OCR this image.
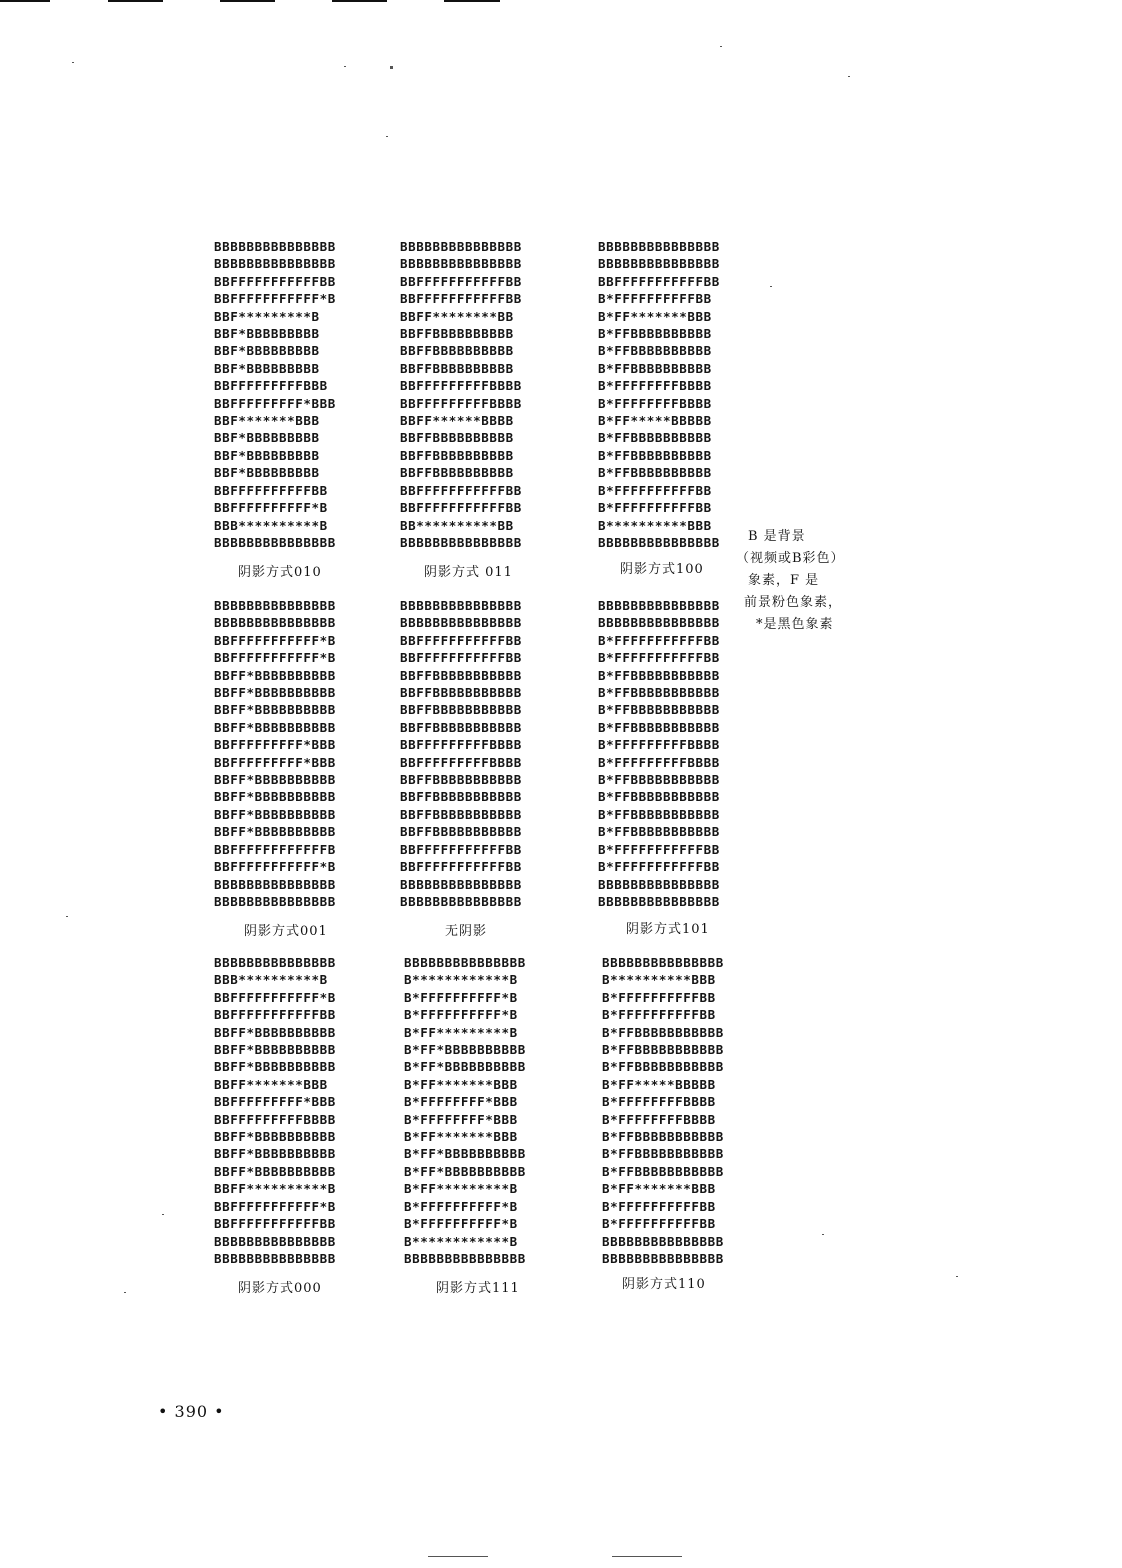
BBBBBBBBBBBBBBB
BBBBBBBBBBBBBBB
BBFFFFFFFFFFFBB
BBFFFFFFFFFFF*B
BBF*********B
BBF*BBBBBBBBB
BBF*BBBBBBBBB
BBF*BBBBBBBBB
BBFFFFFFFFFBBB
BBFFFFFFFFF*BBB
BBF*******BBB
BBF*BBBBBBBBB
BBF*BBBBBBBBB
BBF*BBBBBBBBB
BBFFFFFFFFFFBB
BBFFFFFFFFFF*B
BBB**********B
BBBBBBBBBBBBBBB
阴影方式010
BBBBBBBBBBBBBBB
BBBBBBBBBBBBBBB
BBFFFFFFFFFFFBB
BBFFFFFFFFFFFBB
BBFF********BB
BBFFBBBBBBBBBB
BBFFBBBBBBBBBB
BBFFBBBBBBBBBB
BBFFFFFFFFFBBBB
BBFFFFFFFFFBBBB
BBFF******BBBB
BBFFBBBBBBBBBB
BBFFBBBBBBBBBB
BBFFBBBBBBBBBB
BBFFFFFFFFFFFBB
BBFFFFFFFFFFFBB
BB**********BB
BBBBBBBBBBBBBBB
阴影方式 011
BBBBBBBBBBBBBBB
BBBBBBBBBBBBBBB
BBFFFFFFFFFFFBB
B*FFFFFFFFFFBB
B*FF*******BBB
B*FFBBBBBBBBBB
B*FFBBBBBBBBBB
B*FFBBBBBBBBBB
B*FFFFFFFFBBBB
B*FFFFFFFFBBBB
B*FF*****BBBBB
B*FFBBBBBBBBBB
B*FFBBBBBBBBBB
B*FFBBBBBBBBBB
B*FFFFFFFFFFBB
B*FFFFFFFFFFBB
B**********BBB
BBBBBBBBBBBBBBB
阴影方式100
B 是背景
（视频或B彩色）
象素，F 是
前景粉色象素，
*是黑色象素
BBBBBBBBBBBBBBB
BBBBBBBBBBBBBBB
BBFFFFFFFFFFF*B
BBFFFFFFFFFFF*B
BBFF*BBBBBBBBBB
BBFF*BBBBBBBBBB
BBFF*BBBBBBBBBB
BBFF*BBBBBBBBBB
BBFFFFFFFFF*BBB
BBFFFFFFFFF*BBB
BBFF*BBBBBBBBBB
BBFF*BBBBBBBBBB
BBFF*BBBBBBBBBB
BBFF*BBBBBBBBBB
BBFFFFFFFFFFFFB
BBFFFFFFFFFFF*B
BBBBBBBBBBBBBBB
BBBBBBBBBBBBBBB
阴影方式001
BBBBBBBBBBBBBBB
BBBBBBBBBBBBBBB
BBFFFFFFFFFFFBB
BBFFFFFFFFFFFBB
BBFFBBBBBBBBBBB
BBFFBBBBBBBBBBB
BBFFBBBBBBBBBBB
BBFFBBBBBBBBBBB
BBFFFFFFFFFBBBB
BBFFFFFFFFFBBBB
BBFFBBBBBBBBBBB
BBFFBBBBBBBBBBB
BBFFBBBBBBBBBBB
BBFFBBBBBBBBBBB
BBFFFFFFFFFFFBB
BBFFFFFFFFFFFBB
BBBBBBBBBBBBBBB
BBBBBBBBBBBBBBB
无阴影
BBBBBBBBBBBBBBB
BBBBBBBBBBBBBBB
B*FFFFFFFFFFFBB
B*FFFFFFFFFFFBB
B*FFBBBBBBBBBBB
B*FFBBBBBBBBBBB
B*FFBBBBBBBBBBB
B*FFBBBBBBBBBBB
B*FFFFFFFFFBBBB
B*FFFFFFFFFBBBB
B*FFBBBBBBBBBBB
B*FFBBBBBBBBBBB
B*FFBBBBBBBBBBB
B*FFBBBBBBBBBBB
B*FFFFFFFFFFFBB
B*FFFFFFFFFFFBB
BBBBBBBBBBBBBBB
BBBBBBBBBBBBBBB
阴影方式101
BBBBBBBBBBBBBBB
BBB**********B
BBFFFFFFFFFFF*B
BBFFFFFFFFFFFBB
BBFF*BBBBBBBBBB
BBFF*BBBBBBBBBB
BBFF*BBBBBBBBBB
BBFF*******BBB
BBFFFFFFFFF*BBB
BBFFFFFFFFFBBBB
BBFF*BBBBBBBBBB
BBFF*BBBBBBBBBB
BBFF*BBBBBBBBBB
BBFF**********B
BBFFFFFFFFFFF*B
BBFFFFFFFFFFFBB
BBBBBBBBBBBBBBB
BBBBBBBBBBBBBBB
阴影方式000
BBBBBBBBBBBBBBB
B************B
B*FFFFFFFFFF*B
B*FFFFFFFFFF*B
B*FF*********B
B*FF*BBBBBBBBBB
B*FF*BBBBBBBBBB
B*FF*******BBB
B*FFFFFFFF*BBB
B*FFFFFFFF*BBB
B*FF*******BBB
B*FF*BBBBBBBBBB
B*FF*BBBBBBBBBB
B*FF*********B
B*FFFFFFFFFF*B
B*FFFFFFFFFF*B
B************B
BBBBBBBBBBBBBBB
阴影方式111
BBBBBBBBBBBBBBB
B**********BBB
B*FFFFFFFFFFBB
B*FFFFFFFFFFBB
B*FFBBBBBBBBBBB
B*FFBBBBBBBBBBB
B*FFBBBBBBBBBBB
B*FF*****BBBBB
B*FFFFFFFFBBBB
B*FFFFFFFFBBBB
B*FFBBBBBBBBBBB
B*FFBBBBBBBBBBB
B*FFBBBBBBBBBBB
B*FF*******BBB
B*FFFFFFFFFFBB
B*FFFFFFFFFFBB
BBBBBBBBBBBBBBB
BBBBBBBBBBBBBBB
阴影方式110
• 390 •
